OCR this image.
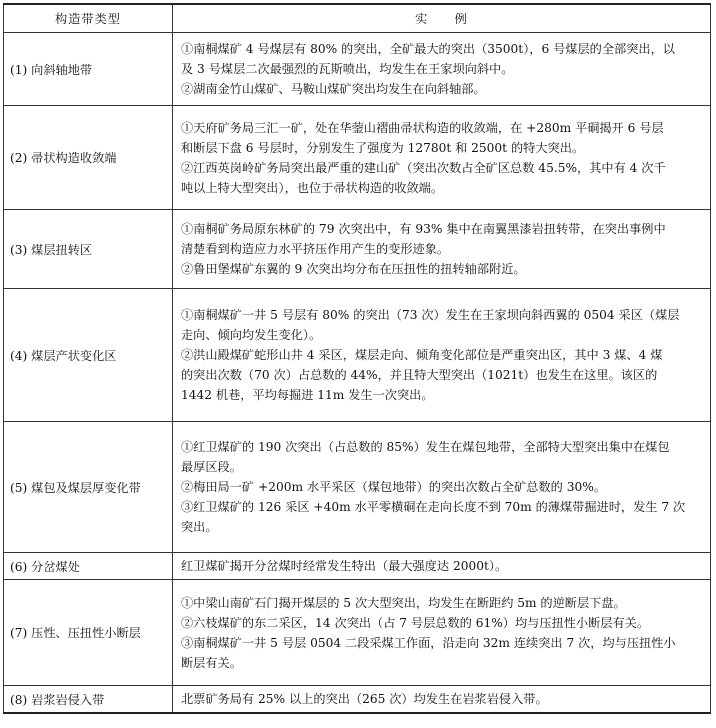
构造带类型	实　　例
(1) 向斜轴地带	①南桐煤矿 4 号煤层有 80% 的突出，全矿最大的突出（3500t），6 号煤层的全部突出，以
及 3 号煤层二次最强烈的瓦斯喷出，均发生在王家坝向斜中。
②湖南金竹山煤矿、马鞍山煤矿突出均发生在向斜轴部。

(2) 帚状构造收敛端	①天府矿务局三汇一矿，处在华蓥山褶曲帚状构造的收敛端，在 +280m 平硐揭开 6 号层
和断层下盘 6 号层时，分别发生了强度为 12780t 和 2500t 的特大突出。
②江西英岗岭矿务局突出最严重的建山矿（突出次数占全矿区总数 45.5%，其中有 4 次千
吨以上特大型突出），也位于帚状构造的收敛端。

(3) 煤层扭转区	①南桐矿务局原东林矿的 79 次突出中，有 93% 集中在南翼黑漆岩扭转带，在突出事例中
清楚看到构造应力水平挤压作用产生的变形迹象。
②鲁田堡煤矿东翼的 9 次突出均分布在压扭性的扭转轴部附近。

(4) 煤层产状变化区	①南桐煤矿一井 5 号层有 80% 的突出（73 次）发生在王家坝向斜西翼的 0504 采区（煤层
走向、倾向均发生变化）。
②洪山殿煤矿蛇形山井 4 采区，煤层走向、倾角变化部位是严重突出区，其中 3 煤、4 煤
的突出次数（70 次）占总数的 44%，并且特大型突出（1021t）也发生在这里。该区的
1442 机巷，平均每掘进 11m 发生一次突出。

(5) 煤包及煤层厚变化带	①红卫煤矿的 190 次突出（占总数的 85%）发生在煤包地带，全部特大型突出集中在煤包
最厚区段。
②梅田局一矿 +200m 水平采区（煤包地带）的突出次数占全矿总数的 30%。
③红卫煤矿的 126 采区 +40m 水平零横硐在走向长度不到 70m 的薄煤带掘进时，发生 7 次
突出。

(6) 分岔煤处	红卫煤矿揭开分岔煤时经常发生特出（最大强度达 2000t）。

(7) 压性、压扭性小断层	①中梁山南矿石门揭开煤层的 5 次大型突出，均发生在断距约 5m 的逆断层下盘。
②六枝煤矿的东二采区，14 次突出（占 7 号层总数的 61%）均与压扭性小断层有关。
③南桐煤矿一井 5 号层 0504 二段采煤工作面，沿走向 32m 连续突出 7 次，均与压扭性小
断层有关。

(8) 岩浆岩侵入带	北票矿务局有 25% 以上的突出（265 次）均发生在岩浆岩侵入带。
